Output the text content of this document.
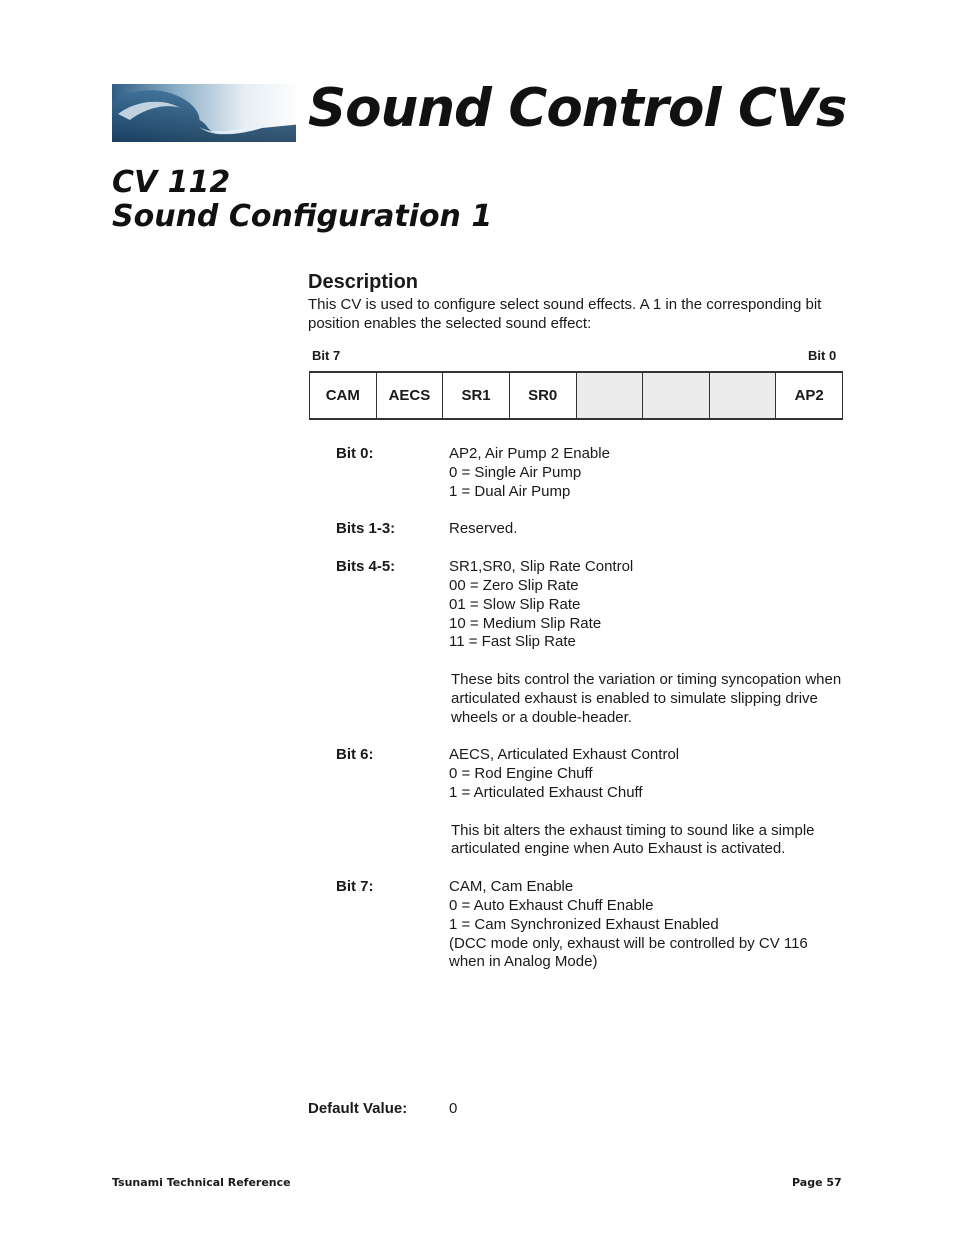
Sound Control CVs
CV 112
Sound Configuration 1
Description

This CV is used to configure select sound effects. A 1 in the corresponding bit position enables the selected sound effect:

Bit 7	Bit 0
CAM	AECS	SR1	SR0				AP2
Bit 0:	AP2, Air Pump 2 Enable
0 = Single Air Pump
1 = Dual Air Pump
Bits 1-3:	Reserved.
Bits 4-5:	SR1,SR0, Slip Rate Control
00 = Zero Slip Rate
01 = Slow Slip Rate
10 = Medium Slip Rate
11 = Fast Slip Rate
These bits control the variation or timing syncopation when articulated exhaust is enabled to simulate slipping drive wheels or a double-header.
Bit 6:	AECS, Articulated Exhaust Control
0 = Rod Engine Chuff
1 = Articulated Exhaust Chuff
This bit alters the exhaust timing to sound like a simple articulated engine when Auto Exhaust is activated.
Bit 7:	CAM, Cam Enable
0 = Auto Exhaust Chuff Enable
1 = Cam Synchronized Exhaust Enabled
(DCC mode only, exhaust will be controlled by CV 116
when in Analog Mode)
Default Value:	0
Tsunami Technical Reference	Page 57
